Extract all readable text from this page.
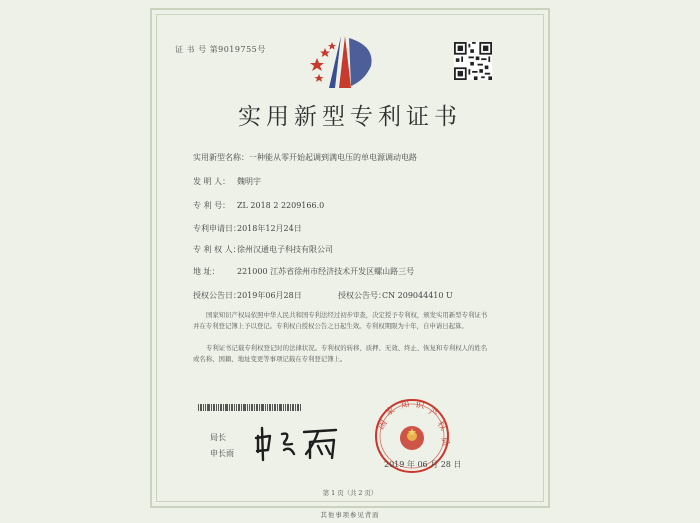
证 书 号 第9019755号
实用新型专利证书
实用新型名称：一种能从零开始起调到满电压的单电源调动电路
发 明 人： 魏明宇
专 利 号： ZL 2018 2 2209166.0
专利申请日：2018年12月24日
专 利 权 人：徐州汉通电子科技有限公司
地 址： 221000 江苏省徐州市经济技术开发区螺山路三号
授权公告日：2019年06月28日	授权公告号：CN 209044410 U
国家知识产权局依照中华人民共和国专利法经过初步审查，决定授予专利权，颁发实用新型专利证书并在专利登记簿上予以登记。专利权自授权公告之日起生效。专利权期限为十年，自申请日起算。
专利证书记载专利权登记时的法律状况。专利权的转移、质押、无效、终止、恢复和专利权人的姓名或名称、国籍、地址变更等事项记载在专利登记簿上。
局长
申长雨
国
家 知 识
产
权
局
2019 年 06 月 28 日
第 1 页（共 2 页）
其他事项参见背面
